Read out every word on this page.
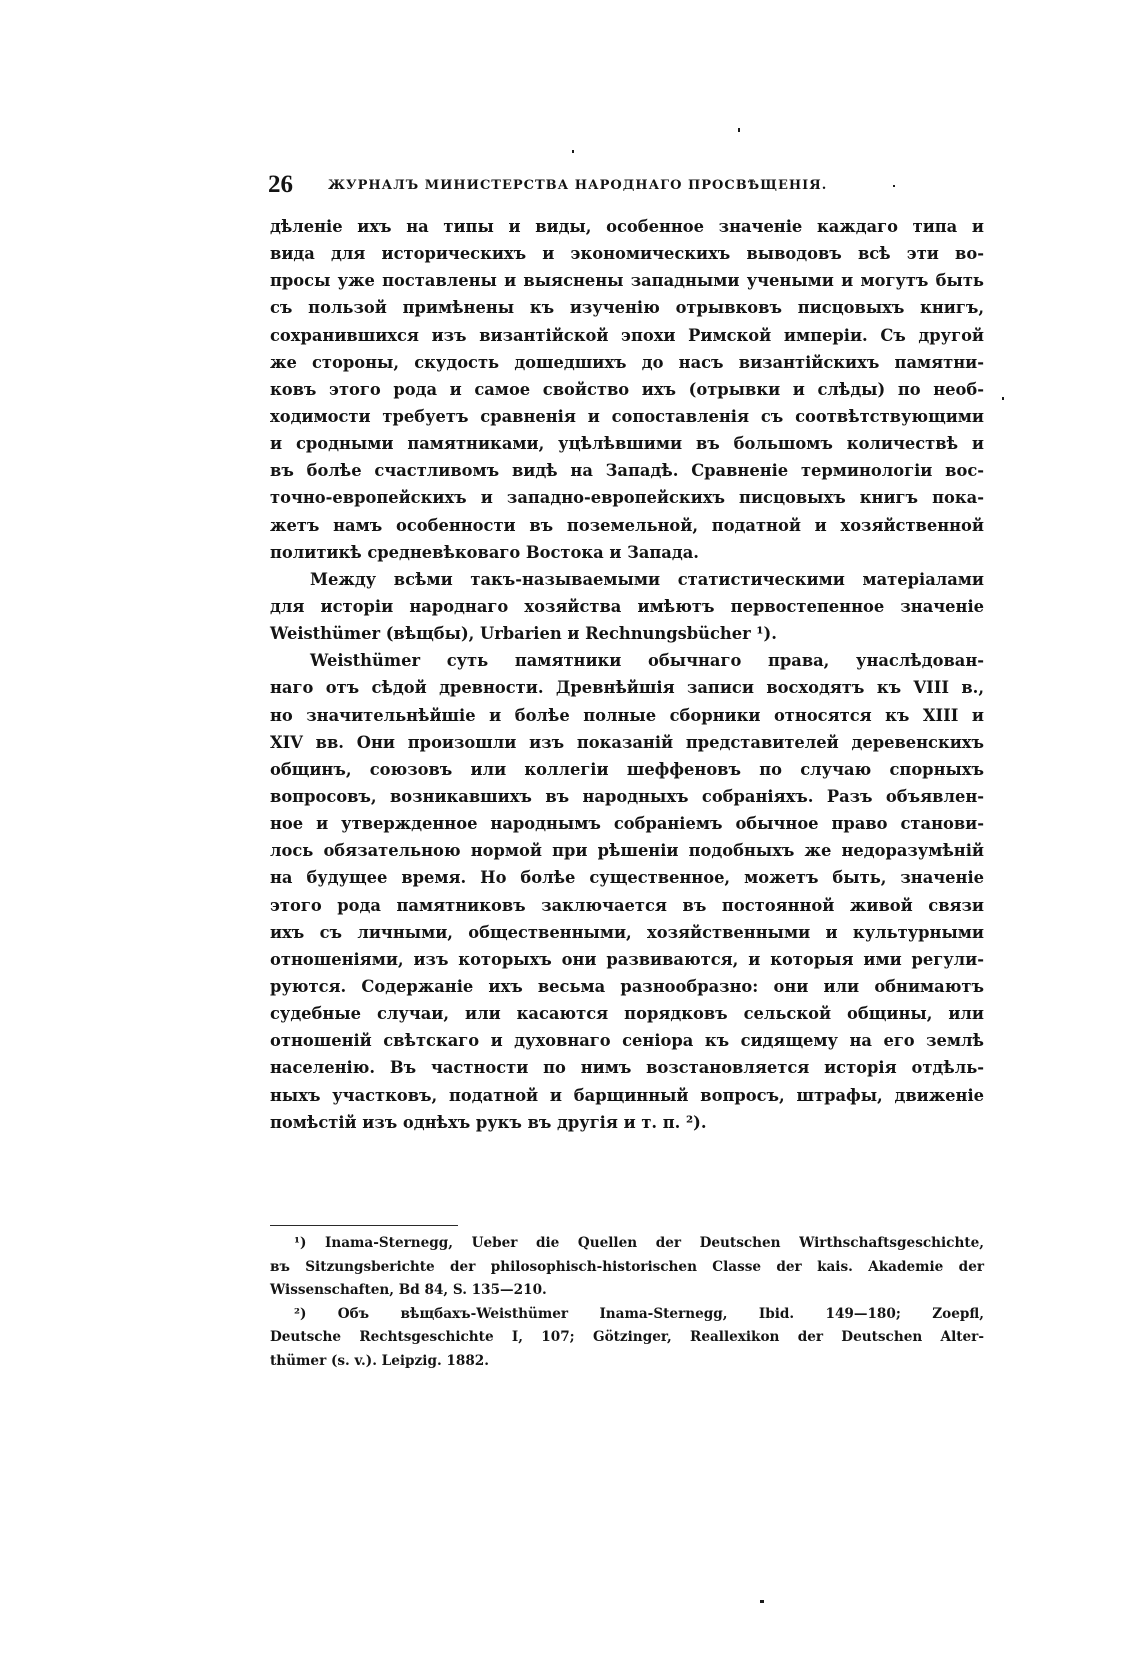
26	ЖУРНАЛЪ МИНИСТЕРСТВА НАРОДНАГО ПРОСВѢЩЕНІЯ.
дѣленіе ихъ на типы и виды, особенное значеніе каждаго типа и
вида для историческихъ и экономическихъ выводовъ всѣ эти во-
просы уже поставлены и выяснены западными учеными и могутъ быть
съ пользой примѣнены къ изученію отрывковъ писцовыхъ книгъ,
сохранившихся изъ византійской эпохи Римской имперіи. Съ другой
же стороны, скудость дошедшихъ до насъ византійскихъ памятни-
ковъ этого рода и самое свойство ихъ (отрывки и слѣды) по необ-
ходимости требуетъ сравненія и сопоставленія съ соотвѣтствующими
и сродными памятниками, уцѣлѣвшими въ большомъ количествѣ и
въ болѣе счастливомъ видѣ на Западѣ. Сравненіе терминологіи вос-
точно-европейскихъ и западно-европейскихъ писцовыхъ книгъ пока-
жетъ намъ особенности въ поземельной, податной и хозяйственной
политикѣ средневѣковаго Востока и Запада.
Между всѣми такъ-называемыми статистическими матеріалами
для исторіи народнаго хозяйства имѣютъ первостепенное значеніе
Weisthümer (вѣщбы), Urbarien и Rechnungsbücher ¹).
Weisthümer суть памятники обычнаго права, унаслѣдован-
наго отъ сѣдой древности. Древнѣйшія записи восходятъ къ VIII в.,
но значительнѣйшіе и болѣе полные сборники относятся къ XIII и
XIV вв. Они произошли изъ показаній представителей деревенскихъ
общинъ, союзовъ или коллегіи шеффеновъ по случаю спорныхъ
вопросовъ, возникавшихъ въ народныхъ собраніяхъ. Разъ объявлен-
ное и утвержденное народнымъ собраніемъ обычное право станови-
лось обязательною нормой при рѣшеніи подобныхъ же недоразумѣній
на будущее время. Но болѣе существенное, можетъ быть, значеніе
этого рода памятниковъ заключается въ постоянной живой связи
ихъ съ личными, общественными, хозяйственными и культурными
отношеніями, изъ которыхъ они развиваются, и которыя ими регули-
руются. Содержаніе ихъ весьма разнообразно: они или обнимаютъ
судебные случаи, или касаются порядковъ сельской общины, или
отношеній свѣтскаго и духовнаго сеніора къ сидящему на его землѣ
населенію. Въ частности по нимъ возстановляется исторія отдѣль-
ныхъ участковъ, податной и барщинный вопросъ, штрафы, движеніе
помѣстій изъ однѣхъ рукъ въ другія и т. п. ²).
¹) Inama-Sternegg, Ueber die Quellen der Deutschen Wirthschaftsgeschichte,
въ Sitzungsberichte der philosophisch-historischen Classe der kais. Akademie der
Wissenschaften, Bd 84, S. 135—210.
²) Объ вѣщбахъ-Weisthümer Inama-Sternegg, Ibid. 149—180; Zoepfl,
Deutsche Rechtsgeschichte I, 107; Götzinger, Reallexikon der Deutschen Alter-
thümer (s. v.). Leipzig. 1882.
